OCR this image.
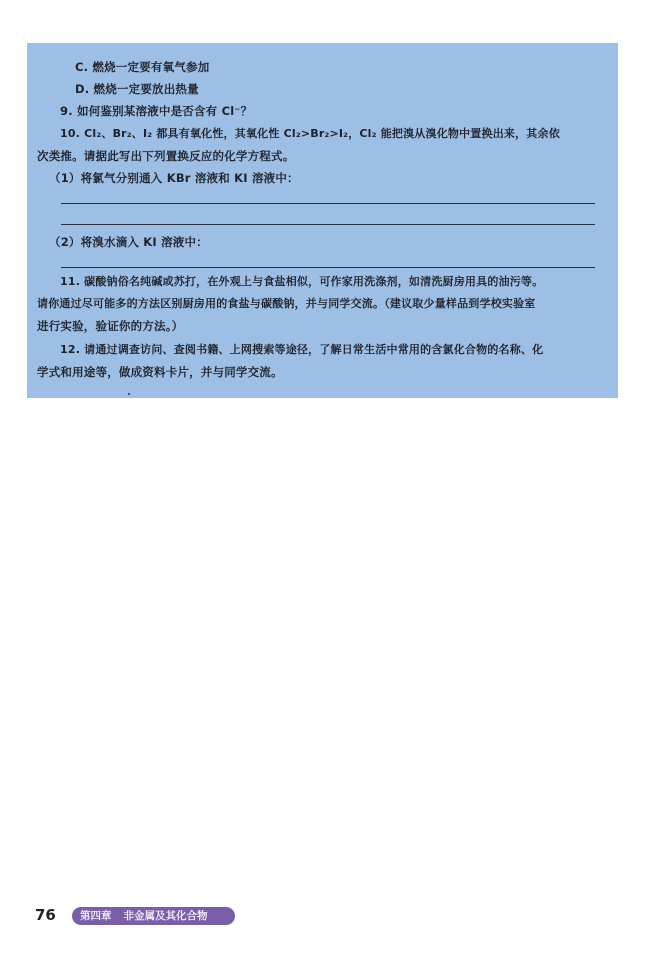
C. 燃烧一定要有氧气参加
D. 燃烧一定要放出热量
9. 如何鉴别某溶液中是否含有 Cl⁻？
10. Cl₂、Br₂、I₂ 都具有氧化性，其氧化性 Cl₂>Br₂>I₂，Cl₂ 能把溴从溴化物中置换出来，其余依
次类推。请据此写出下列置换反应的化学方程式。
（1）将氯气分别通入 KBr 溶液和 KI 溶液中：
（2）将溴水滴入 KI 溶液中：
11. 碳酸钠俗名纯碱或苏打，在外观上与食盐相似，可作家用洗涤剂，如清洗厨房用具的油污等。
请你通过尽可能多的方法区别厨房用的食盐与碳酸钠，并与同学交流。（建议取少量样品到学校实验室
进行实验，验证你的方法。）
12. 请通过调查访问、查阅书籍、上网搜索等途径，了解日常生活中常用的含氯化合物的名称、化
学式和用途等，做成资料卡片，并与同学交流。
76	第四章 非金属及其化合物
